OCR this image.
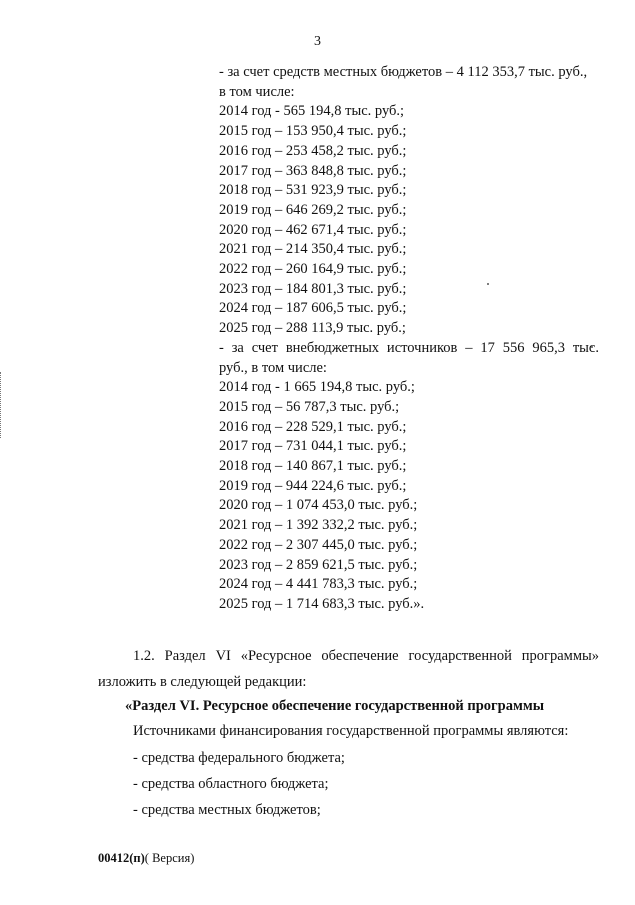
3
- за счет средств местных бюджетов – 4 112 353,7 тыс. руб.,
в том числе:
2014 год - 565 194,8 тыс. руб.;
2015 год – 153 950,4 тыс. руб.;
2016 год – 253 458,2 тыс. руб.;
2017 год – 363 848,8 тыс. руб.;
2018 год – 531 923,9 тыс. руб.;
2019 год – 646 269,2 тыс. руб.;
2020 год – 462 671,4 тыс. руб.;
2021 год – 214 350,4 тыс. руб.;
2022 год – 260 164,9 тыс. руб.;
2023 год – 184 801,3 тыс. руб.;
2024 год – 187 606,5 тыс. руб.;
2025 год – 288 113,9 тыс. руб.;
- за счет внебюджетных источников – 17 556 965,3 тыс.
руб., в том числе:
2014 год - 1 665 194,8 тыс. руб.;
2015 год – 56 787,3 тыс. руб.;
2016 год – 228 529,1 тыс. руб.;
2017 год – 731 044,1 тыс. руб.;
2018 год – 140 867,1 тыс. руб.;
2019 год – 944 224,6 тыс. руб.;
2020 год – 1 074 453,0 тыс. руб.;
2021 год – 1 392 332,2 тыс. руб.;
2022 год – 2 307 445,0 тыс. руб.;
2023 год – 2 859 621,5 тыс. руб.;
2024 год – 4 441 783,3 тыс. руб.;
2025 год – 1 714 683,3 тыс. руб.».
1.2. Раздел VI «Ресурсное обеспечение государственной программы»
изложить в следующей редакции:
«Раздел VI. Ресурсное обеспечение государственной программы
Источниками финансирования государственной программы являются:
- средства федерального бюджета;
- средства областного бюджета;
- средства местных бюджетов;
00412(п)( Версия)
